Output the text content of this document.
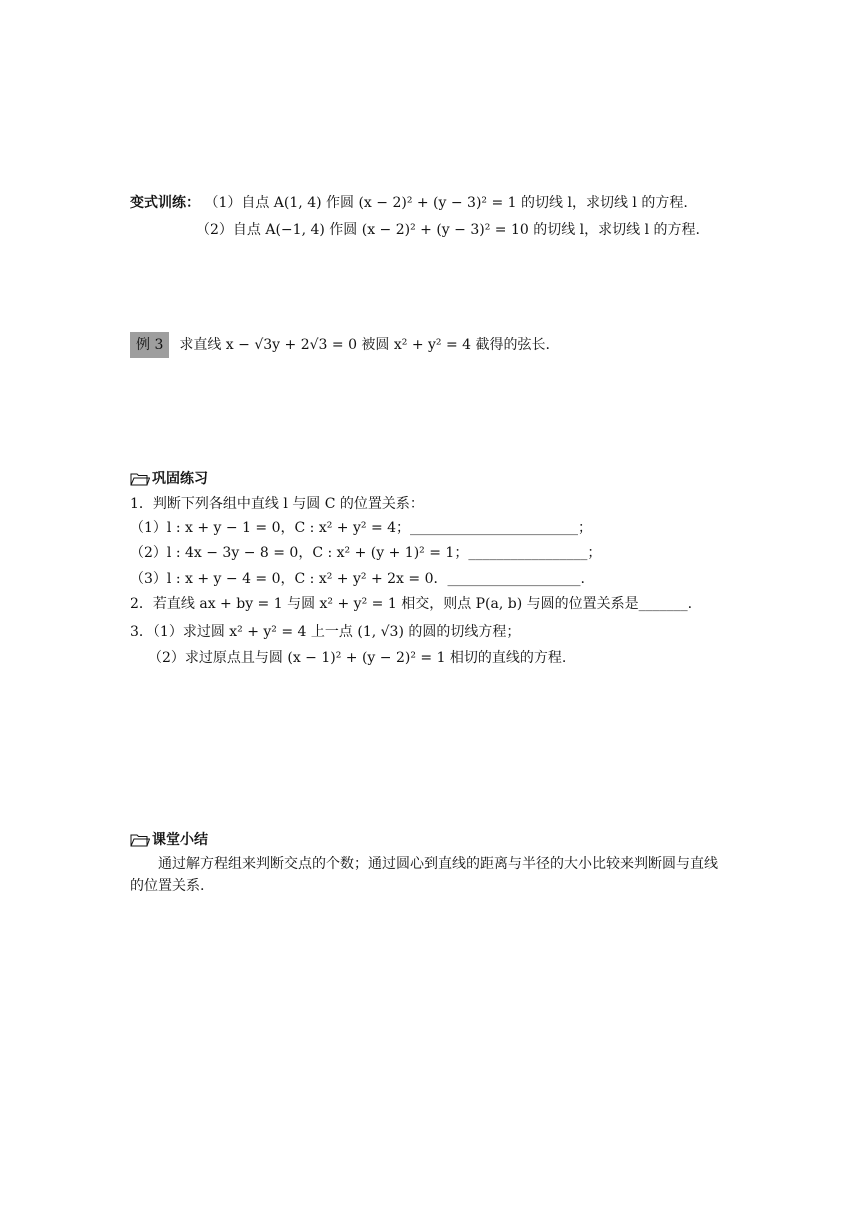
变式训练： （1）自点 A(1, 4) 作圆 (x − 2)² + (y − 3)² = 1 的切线 l，求切线 l 的方程.
（2）自点 A(−1, 4) 作圆 (x − 2)² + (y − 3)² = 10 的切线 l，求切线 l 的方程.
例 3 求直线 x − √3y + 2√3 = 0 被圆 x² + y² = 4 截得的弦长.
巩固练习
1．判断下列各组中直线 l 与圆 C 的位置关系：
（1）l : x + y − 1 = 0，C : x² + y² = 4；________________________；
（2）l : 4x − 3y − 8 = 0，C : x² + (y + 1)² = 1；_________________；
（3）l : x + y − 4 = 0，C : x² + y² + 2x = 0．___________________.
2．若直线 ax + by = 1 与圆 x² + y² = 1 相交，则点 P(a, b) 与圆的位置关系是_______.
3．（1）求过圆 x² + y² = 4 上一点 (1, √3) 的圆的切线方程；
（2）求过原点且与圆 (x − 1)² + (y − 2)² = 1 相切的直线的方程.
课堂小结
通过解方程组来判断交点的个数；通过圆心到直线的距离与半径的大小比较来判断圆与直线的位置关系.
